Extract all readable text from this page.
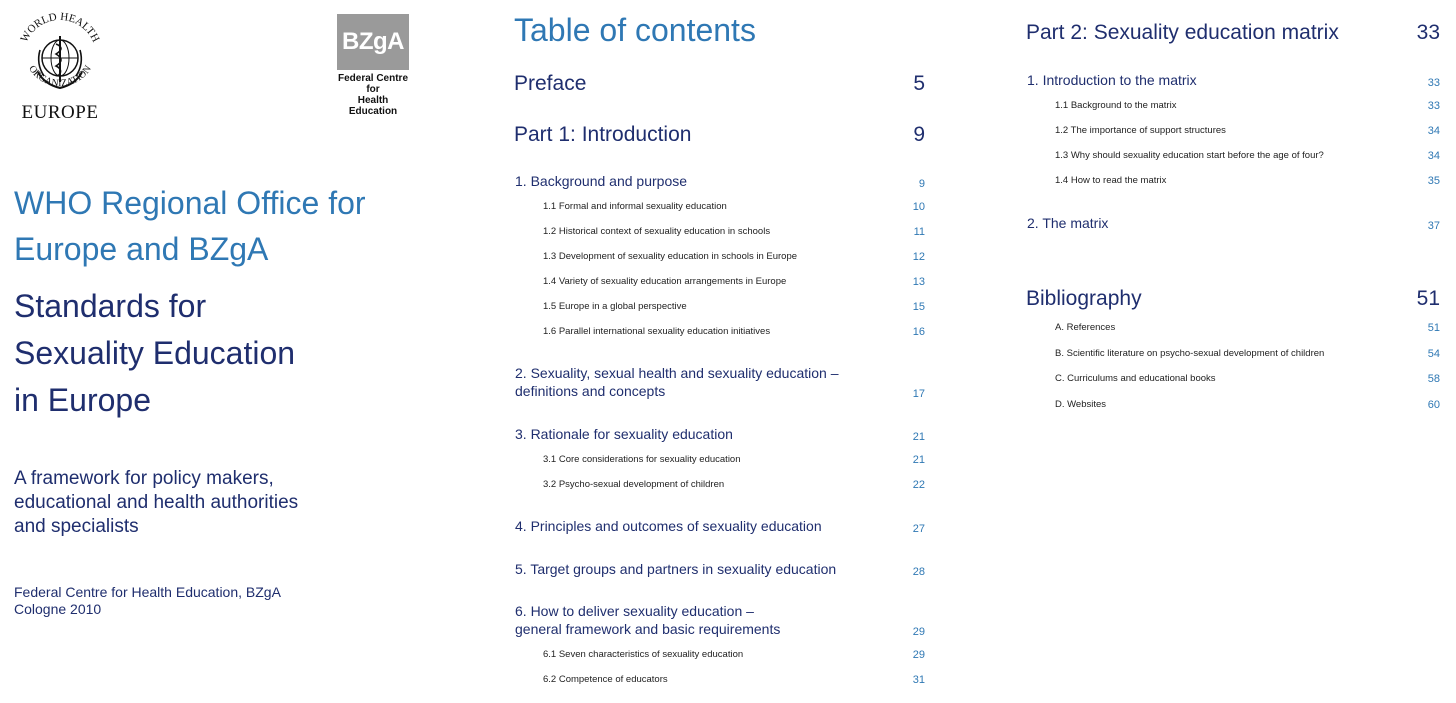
WORLD HEALTH
ORGANIZATION
EUROPE
BZgA
Federal Centre
for
Health
Education
WHO Regional Office for
Europe and BZgA
Standards for
Sexuality Education
in Europe
A framework for policy makers,
educational and health authorities
and specialists
Federal Centre for Health Education, BZgA
Cologne 2010
Table of contents
Preface	5
Part 1: Introduction	9
1. Background and purpose	9
1.1 Formal and informal sexuality education	10
1.2 Historical context of sexuality education in schools	11
1.3 Development of sexuality education in schools in Europe	12
1.4 Variety of sexuality education arrangements in Europe	13
1.5 Europe in a global perspective	15
1.6 Parallel international sexuality education initiatives	16
2. Sexuality, sexual health and sexuality education –
definitions and concepts	17
3. Rationale for sexuality education	21
3.1 Core considerations for sexuality education	21
3.2 Psycho-sexual development of children	22
4. Principles and outcomes of sexuality education	27
5. Target groups and partners in sexuality education	28
6. How to deliver sexuality education –
general framework and basic requirements	29
6.1 Seven characteristics of sexuality education	29
6.2 Competence of educators	31
Part 2: Sexuality education matrix	33
1. Introduction to the matrix	33
1.1 Background to the matrix	33
1.2 The importance of support structures	34
1.3 Why should sexuality education start before the age of four?	34
1.4 How to read the matrix	35
2. The matrix	37
Bibliography	51
A. References	51
B. Scientific literature on psycho-sexual development of children	54
C. Curriculums and educational books	58
D. Websites	60
